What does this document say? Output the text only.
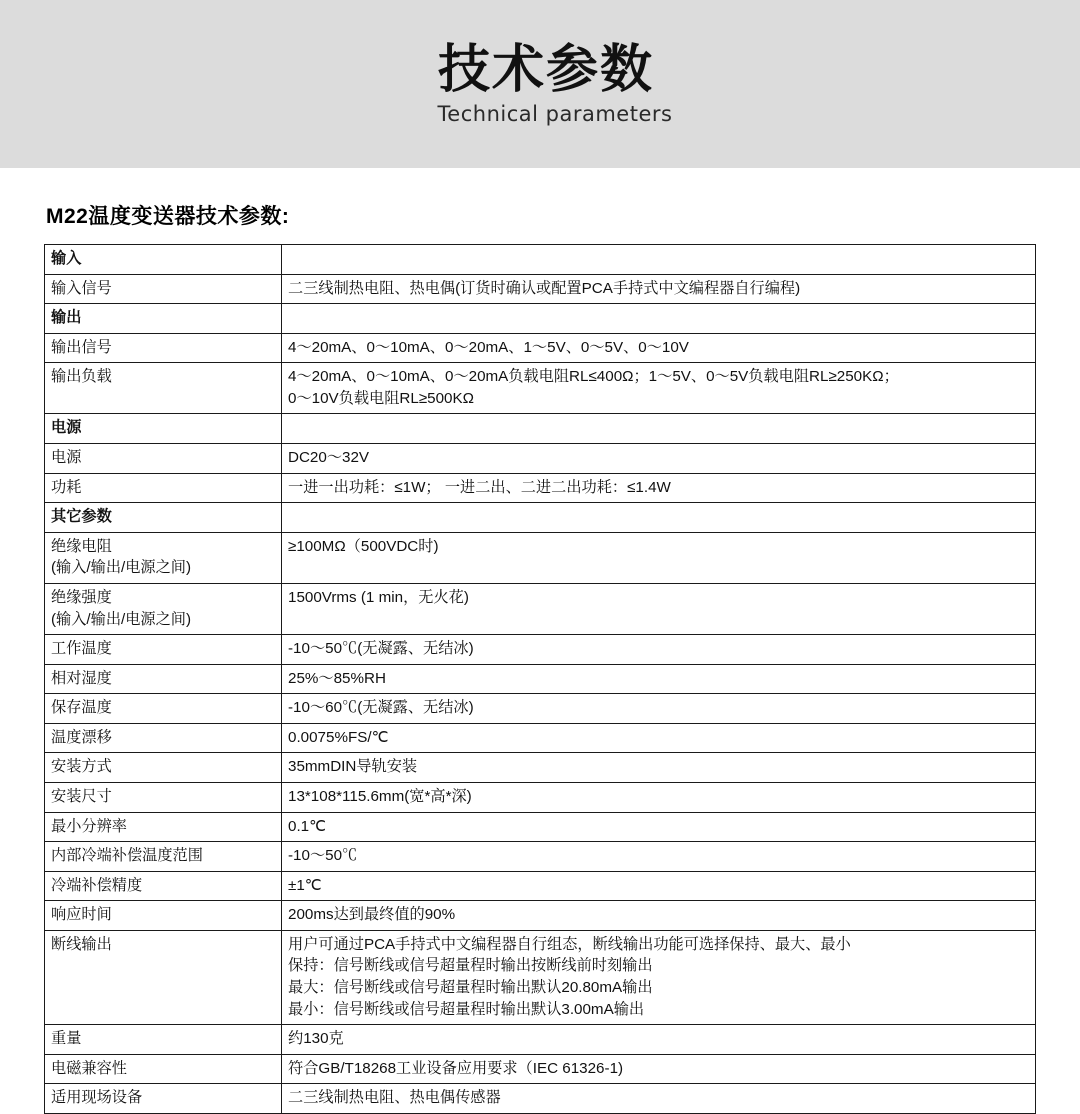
技术参数
Technical parameters
M22温度变送器技术参数:
输入	

输入信号	二三线制热电阻、热电偶(订货时确认或配置PCA手持式中文编程器自行编程)

输出	

输出信号	4〜20mA、0〜10mA、0〜20mA、1〜5V、0〜5V、0〜10V

输出负载	4〜20mA、0〜10mA、0〜20mA负载电阻RL≤400Ω；1〜5V、0〜5V负载电阻RL≥250KΩ；
0〜10V负载电阻RL≥500KΩ

电源	

电源	DC20〜32V

功耗	一进一出功耗：≤1W； 一进二出、二进二出功耗：≤1.4W

其它参数	

绝缘电阻
(输入/输出/电源之间)	≥100MΩ（500VDC时)

绝缘强度
(输入/输出/电源之间)	1500Vrms (1 min，无火花)

工作温度	-10〜50℃(无凝露、无结冰)

相对湿度	25%〜85%RH

保存温度	-10〜60℃(无凝露、无结冰)

温度漂移	0.0075%FS/℃

安装方式	35mmDIN导轨安装

安装尺寸	13*108*115.6mm(宽*高*深)

最小分辨率	0.1℃

内部冷端补偿温度范围	-10〜50℃

冷端补偿精度	±1℃

响应时间	200ms达到最终值的90%

断线输出	用户可通过PCA手持式中文编程器自行组态，断线输出功能可选择保持、最大、最小
保持：信号断线或信号超量程时输出按断线前时刻输出
最大：信号断线或信号超量程时输出默认20.80mA输出
最小：信号断线或信号超量程时输出默认3.00mA输出

重量	约130克

电磁兼容性	符合GB/T18268工业设备应用要求（IEC 61326-1)

适用现场设备	二三线制热电阻、热电偶传感器
